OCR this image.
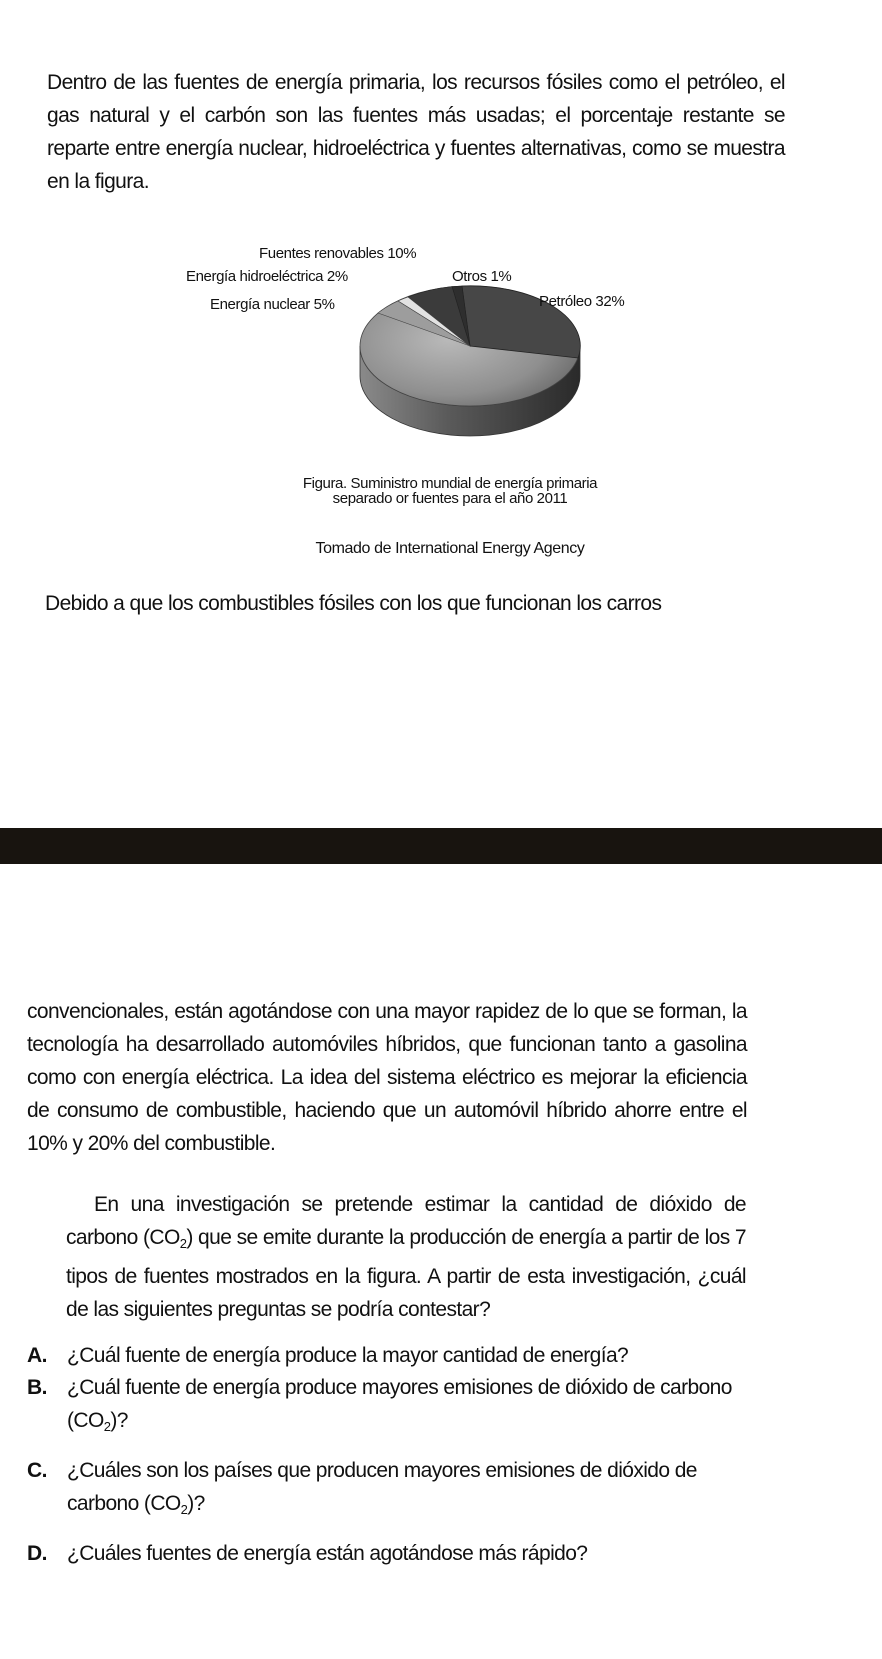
Dentro de las fuentes de energía primaria, los recursos fósiles como el petróleo, el gas natural y el carbón son las fuentes más usadas; el porcentaje restante se reparte entre energía nuclear, hidroeléctrica y fuentes alternativas, como se muestra en la figura.

Fuentes renovables 10%
Energía hidroeléctrica 2%
Energía nuclear 5%
Otros 1%
Petróleo 32%
Figura. Suministro mundial de energía primaria
separado or fuentes para el año 2011
Tomado de International Energy Agency

Debido a que los combustibles fósiles con los que funcionan los carros

convencionales, están agotándose con una mayor rapidez de lo que se forman, la tecnología ha desarrollado automóviles híbridos, que funcionan tanto a gasolina como con energía eléctrica. La idea del sistema eléctrico es mejorar la eficiencia de consumo de combustible, haciendo que un automóvil híbrido ahorre entre el 10% y 20% del combustible.

En una investigación se pretende estimar la cantidad de dióxido de carbono $(CO_2)$ que se emite durante la producción de energía a partir de los 7 tipos de fuentes mostrados en la figura. A partir de esta investigación, ¿cuál de las siguientes preguntas se podría contestar?

A. ¿Cuál fuente de energía produce la mayor cantidad de energía?
B. ¿Cuál fuente de energía produce mayores emisiones de dióxido de carbono $(CO_2)$?
C. ¿Cuáles son los países que producen mayores emisiones de dióxido de carbono $(CO_2)$?
D. ¿Cuáles fuentes de energía están agotándose más rápido?
